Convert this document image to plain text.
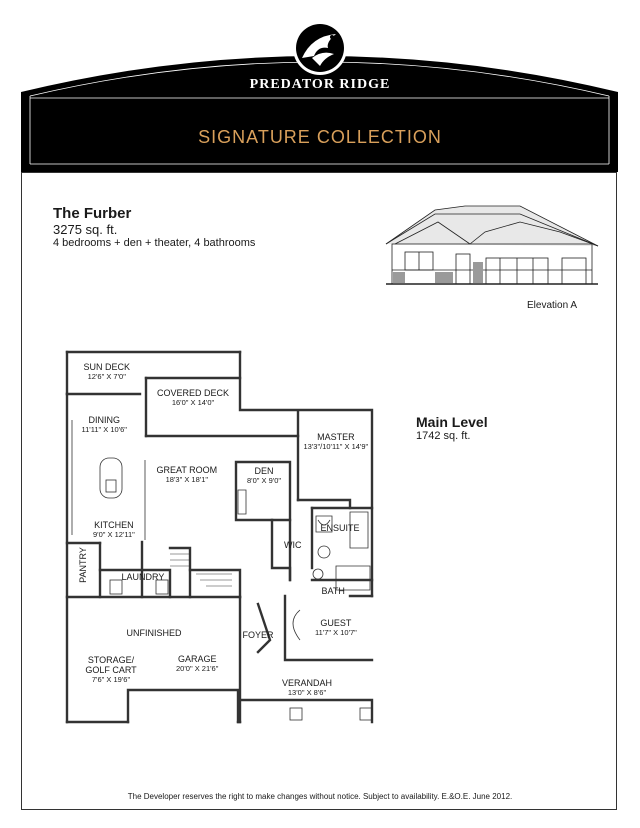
PREDATOR RIDGE
SIGNATURE COLLECTION
The Furber
3275 sq. ft.
4 bedrooms + den + theater, 4 bathrooms
Elevation A
Main Level
1742 sq. ft.
SUN DECK
12'6" X 7'0"
COVERED DECK
16'0" X 14'0"
DINING
11'11" X 10'6"
GREAT ROOM
18'3" X 18'1"
DEN
8'0" X 9'0"
MASTER
13'3"/10'11" X 14'9"
KITCHEN
9'0" X 12'11"
ENSUITE
WIC
PANTRY	LAUNDRY
BATH
UNFINISHED	FOYER
GUEST
11'7" X 10'7"
STORAGE/ GOLF CART
7'6" X 19'6"
GARAGE
20'0" X 21'6"
VERANDAH
13'0" X 8'6"
The Developer reserves the right to make changes without notice. Subject to availability. E.&O.E. June 2012.
